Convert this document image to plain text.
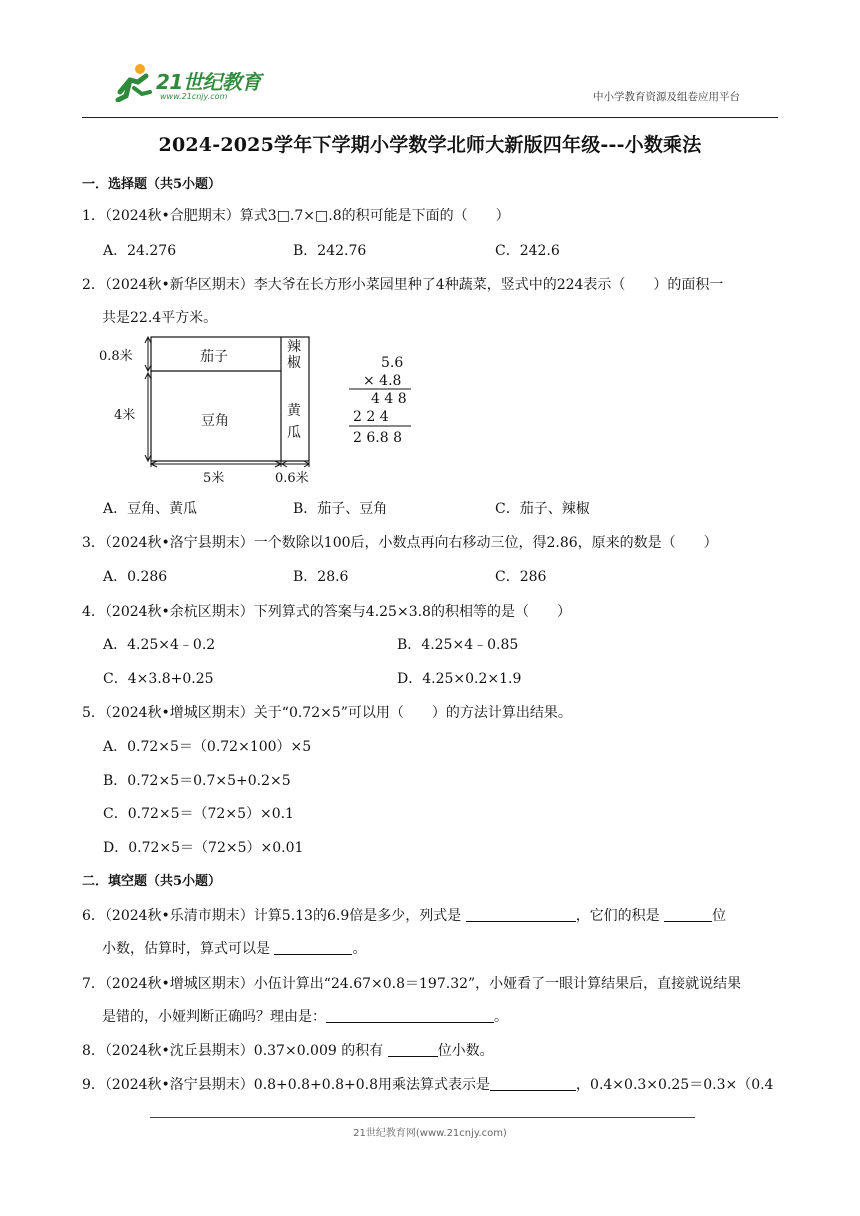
21世纪教育
www.21cnjy.com	中小学教育资源及组卷应用平台
2024-2025学年下学期小学数学北师大新版四年级---小数乘法
一．选择题（共5小题）
1．（2024秋•合肥期末）算式3□.7×□.8的积可能是下面的（　　）
A．24.276	B．242.76	C．242.6
2．（2024秋•新华区期末）李大爷在长方形小菜园里种了4种蔬菜，竖式中的224表示（　　）的面积一
共是22.4平方米。
茄子
辣
椒
豆角
黄
瓜
0.8米
4米
5米	0.6米
5.6
× 4.8
4 4 8
2 2 4
2 6.8 8
A．豆角、黄瓜	B．茄子、豆角	C．茄子、辣椒
3．（2024秋•洛宁县期末）一个数除以100后，小数点再向右移动三位，得2.86，原来的数是（　　）
A．0.286	B．28.6	C．286
4．（2024秋•余杭区期末）下列算式的答案与4.25×3.8的积相等的是（　　）
A．4.25×4﹣0.2	B．4.25×4﹣0.85
C．4×3.8+0.25	D．4.25×0.2×1.9
5．（2024秋•增城区期末）关于“0.72×5”可以用（　　）的方法计算出结果。
A．0.72×5＝（0.72×100）×5
B．0.72×5＝0.7×5+0.2×5
C．0.72×5＝（72×5）×0.1
D．0.72×5＝（72×5）×0.01
二．填空题（共5小题）
6．（2024秋•乐清市期末）计算5.13的6.9倍是多少，列式是	，它们的积是	位
小数，估算时，算式可以是	。
7．（2024秋•增城区期末）小伍计算出“24.67×0.8＝197.32”，小娅看了一眼计算结果后，直接就说结果
是错的，小娅判断正确吗？理由是：	。
8．（2024秋•沈丘县期末）0.37×0.009 的积有	位小数。
9．（2024秋•洛宁县期末）0.8+0.8+0.8+0.8用乘法算式表示是	，0.4×0.3×0.25＝0.3×（0.4
21世纪教育网(www.21cnjy.com)
